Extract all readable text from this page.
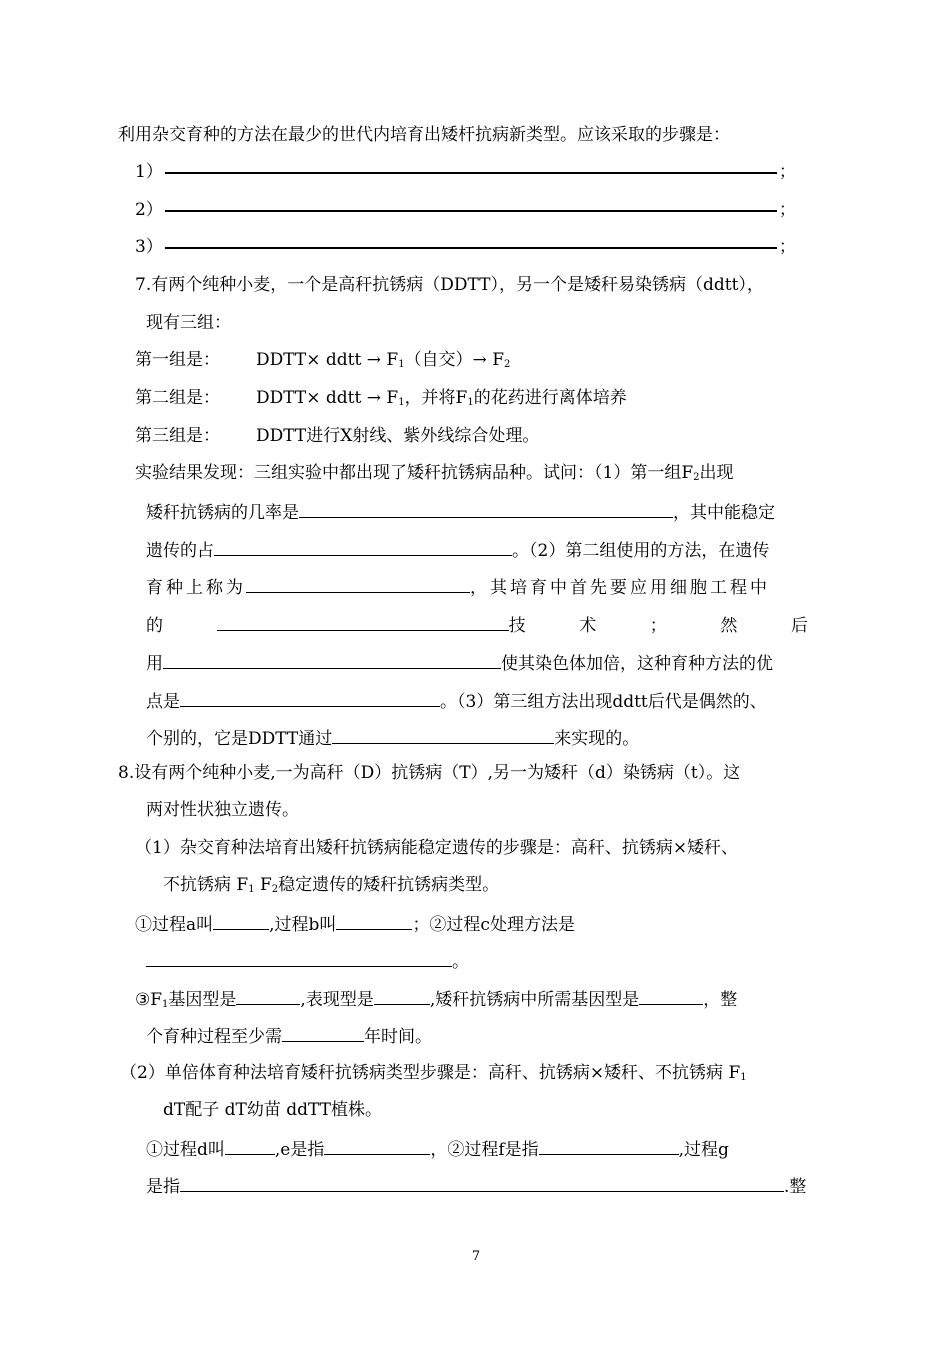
利用杂交育种的方法在最少的世代内培育出矮杆抗病新类型。应该采取的步骤是：
1）	；
2）	；
3）	；
7.有两个纯种小麦，一个是高秆抗锈病（DDTT），另一个是矮秆易染锈病（ddtt），
现有三组：
第一组是： DDTT× ddtt → $F_1$（自交）→ $F_2$
第二组是： DDTT× ddtt → $F_1$，并将$F_1$的花药进行离体培养
第三组是： DDTT进行X射线、紫外线综合处理。
实验结果发现：三组实验中都出现了矮秆抗锈病品种。试问：（1）第一组$F_2$出现
矮秆抗锈病的几率是	，其中能稳定
遗传的占	。（2）第二组使用的方法，在遗传
育种上称为	，其培育中首先要应用细胞工程中
的	技	术	；	然	后
用	使其染色体加倍，这种育种方法的优
点是	。（3）第三组方法出现ddtt后代是偶然的、
个别的，它是DDTT通过	来实现的。
8.设有两个纯种小麦,一为高秆（D）抗锈病（T）,另一为矮秆（d）染锈病（t）。这
两对性状独立遗传。
（1）杂交育种法培育出矮秆抗锈病能稳定遗传的步骤是：高秆、抗锈病×矮秆、
不抗锈病 $F_1$ $F_2$稳定遗传的矮秆抗锈病类型。
①过程a叫	,过程b叫	；②过程c处理方法是
。
$③F_1$基因型是	,表现型是	,矮秆抗锈病中所需基因型是	，整
个育种过程至少需	年时间。
（2）单倍体育种法培育矮秆抗锈病类型步骤是：高秆、抗锈病×矮秆、不抗锈病 $F_1$
dT配子 dT幼苗 ddTT植株。
①过程d叫	,e是指	，②过程f是指	,过程g
是指	.整
7
